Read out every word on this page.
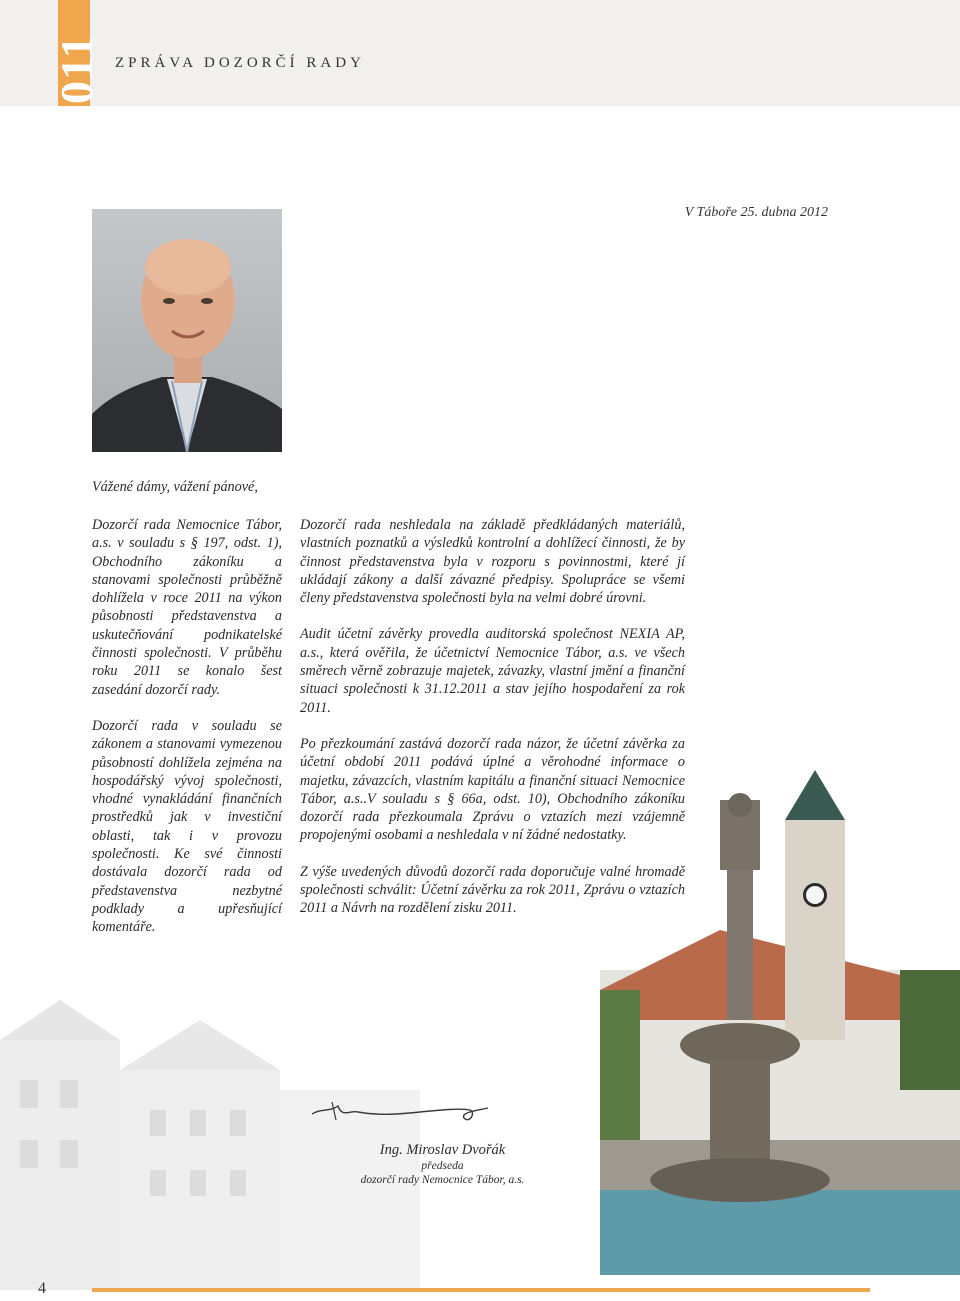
2011 ZPRÁVA DOZORČÍ RADY
V Táboře 25. dubna 2012
Vážené dámy, vážení pánové,

Dozorčí rada Nemocnice Tábor, a.s. v souladu s § 197, odst. 1), Obchodního zákoníku a stanovami společnosti průběžně dohlížela v roce 2011 na výkon působnosti představenstva a uskutečňování podnikatelské činnosti společnosti. V průběhu roku 2011 se konalo šest zasedání dozorčí rady.

Dozorčí rada v souladu se zákonem a stanovami vymezenou působností dohlížela zejména na hospodářský vývoj společnosti, vhodné vynakládání finančních prostředků jak v investiční oblasti, tak i v provozu společnosti. Ke své činnosti dostávala dozorčí rada od představenstva nezbytné podklady a upřesňující komentáře.

Dozorčí rada neshledala na základě předkládaných materiálů, vlastních poznatků a výsledků kontrolní a dohlížecí činnosti, že by činnost představenstva byla v rozporu s povinnostmi, které jí ukládají zákony a další závazné předpisy. Spolupráce se všemi členy představenstva společnosti byla na velmi dobré úrovni.

Audit účetní závěrky provedla auditorská společnost NEXIA AP, a.s., která ověřila, že účetnictví Nemocnice Tábor, a.s. ve všech směrech věrně zobrazuje majetek, závazky, vlastní jmění a finanční situaci společnosti k 31.12.2011 a stav jejího hospodaření za rok 2011.

Po přezkoumání zastává dozorčí rada názor, že účetní závěrka za účetní období 2011 podává úplné a věrohodné informace o majetku, závazcích, vlastním kapitálu a finanční situaci Nemocnice Tábor, a.s..V souladu s § 66a, odst. 10), Obchodního zákoníku dozorčí rada přezkoumala Zprávu o vztazích mezi vzájemně propojenými osobami a neshledala v ní žádné nedostatky.

Z výše uvedených důvodů dozorčí rada doporučuje valné hromadě společnosti schválit: Účetní závěrku za rok 2011, Zprávu o vztazích 2011 a Návrh na rozdělení zisku 2011.

Ing. Miroslav Dvořák
předseda
dozorčí rady Nemocnice Tábor, a.s.
4
